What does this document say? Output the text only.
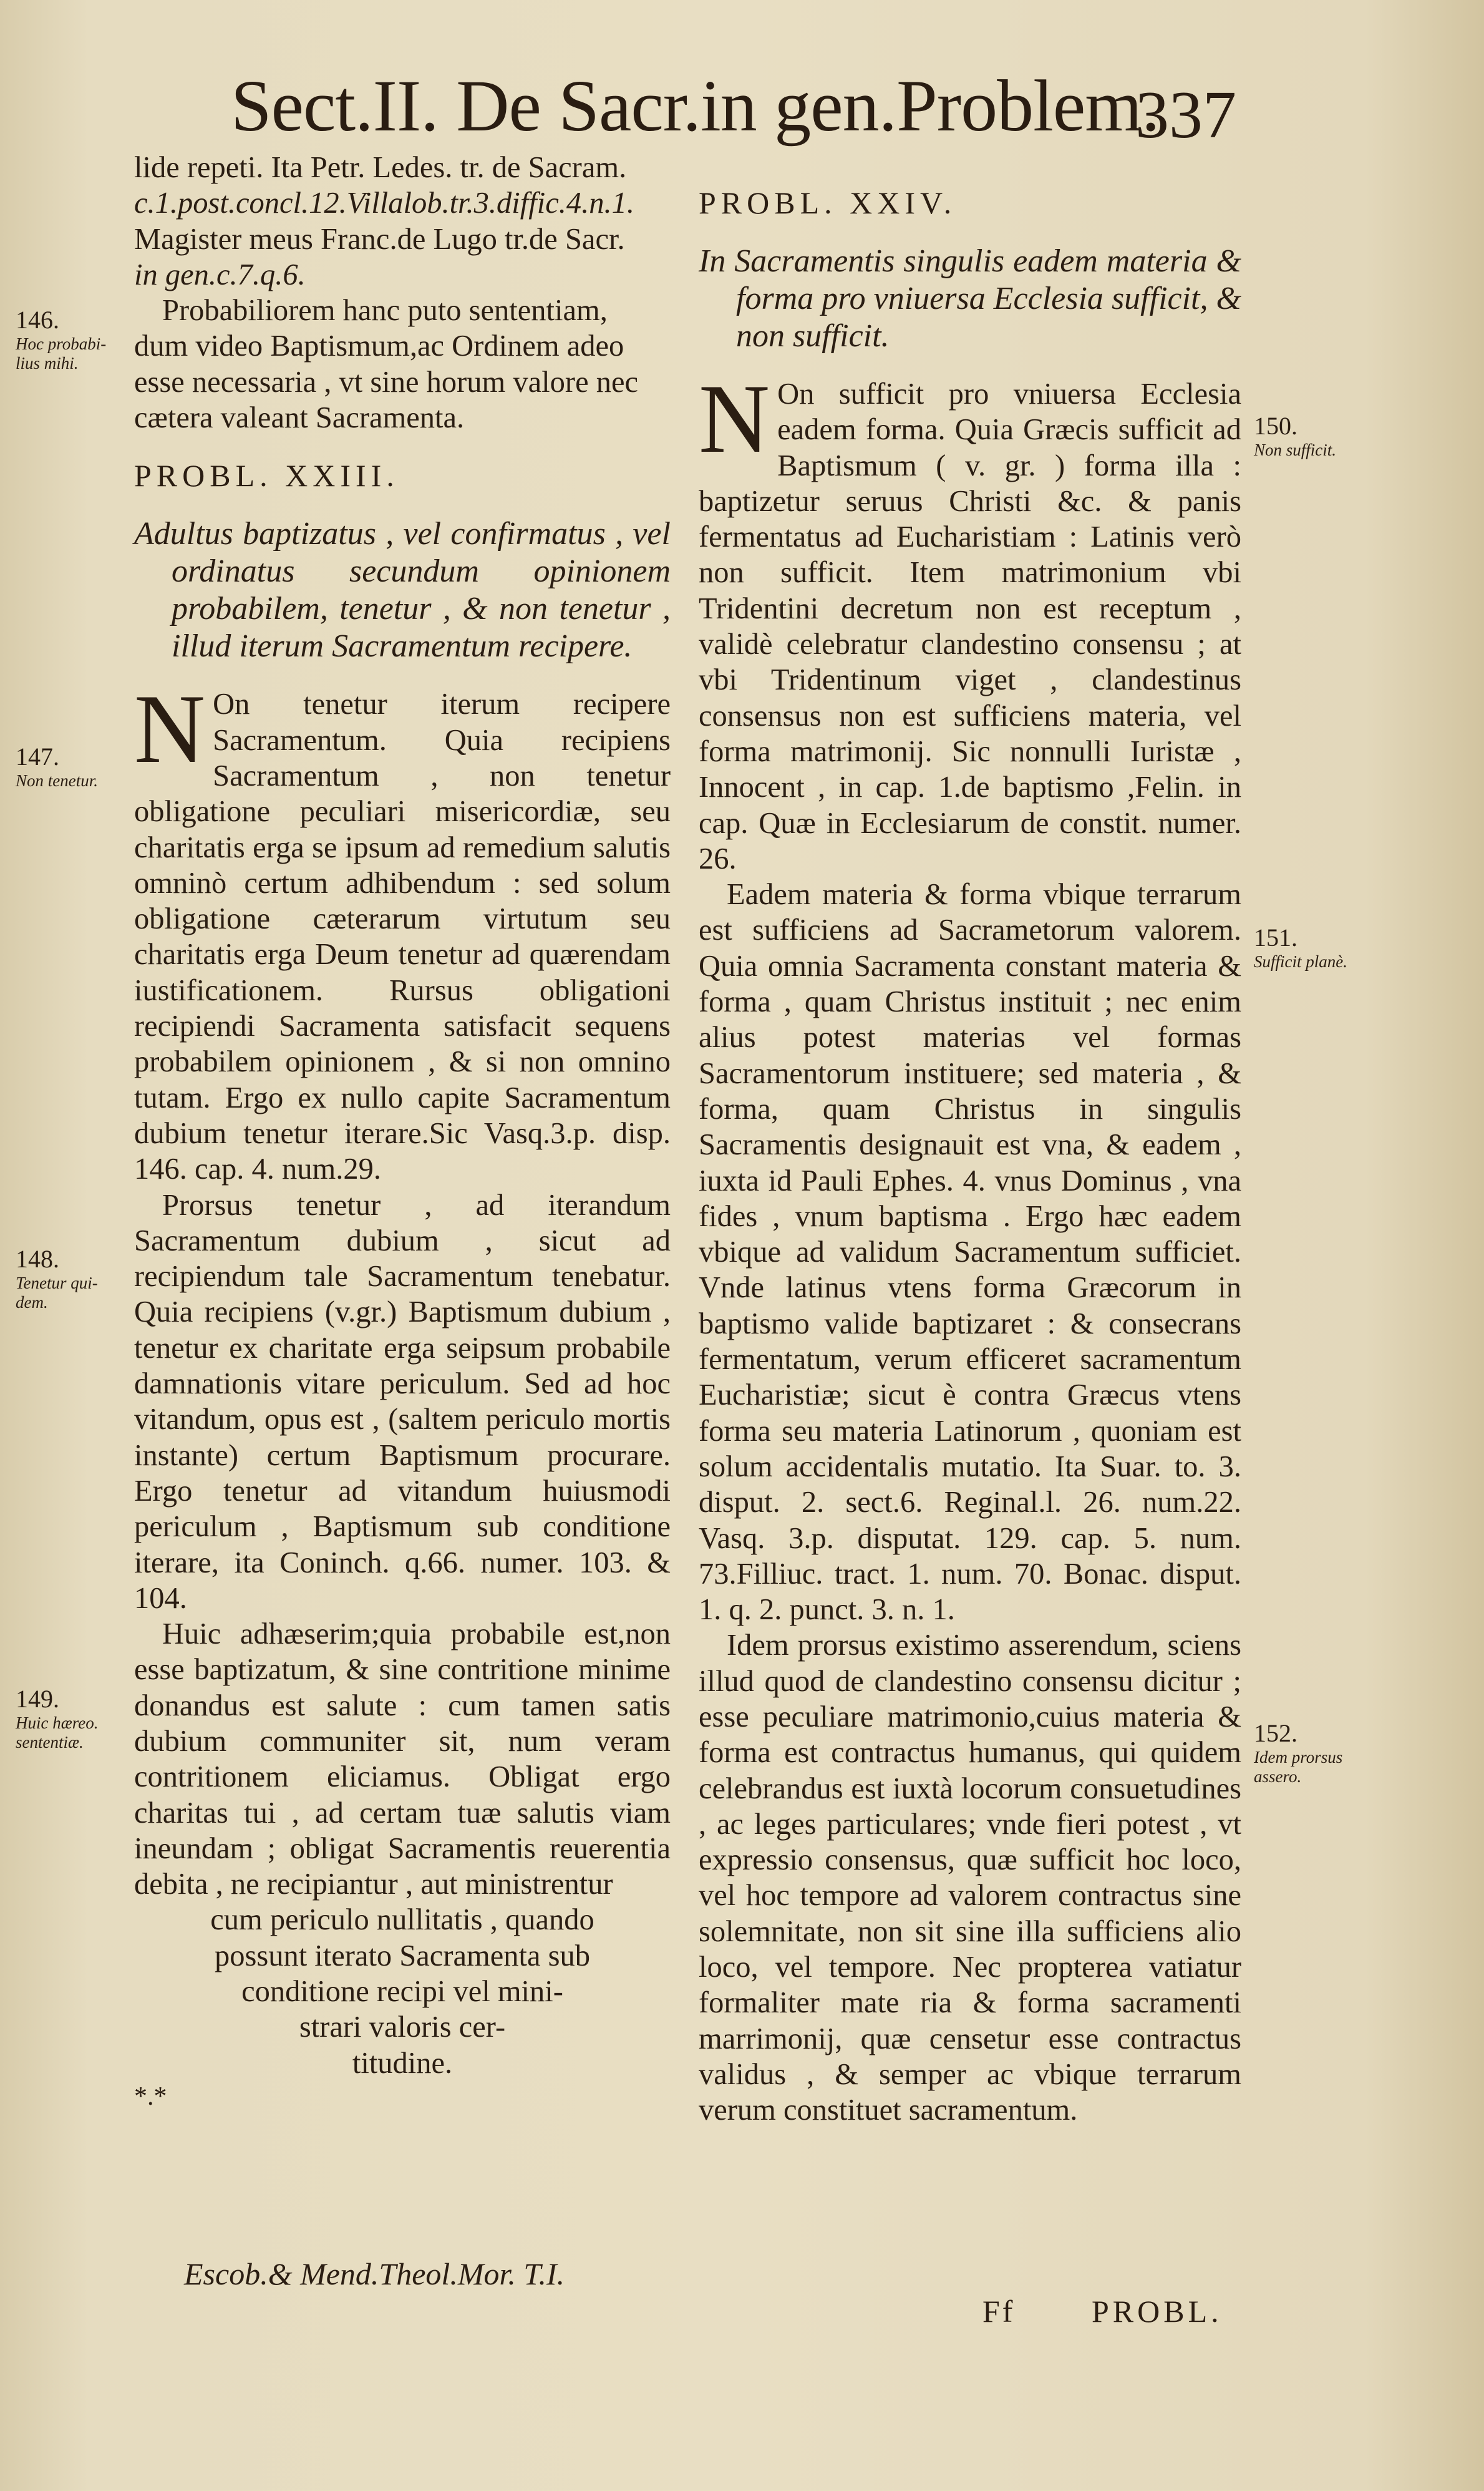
Sect.II. De Sacr.in gen.Problem.
337

lide repeti. Ita Petr. Ledes. tr. de Sacram.

c.1.post.concl.12.Villalob.tr.3.diffic.4.n.1.

Magister meus Franc.de Lugo tr.de Sacr.

in gen.c.7.q.6.

Probabiliorem hanc puto sententiam,

dum video Baptismum,ac Ordinem adeo

esse necessaria , vt sine horum valore nec

cætera valeant Sacramenta.

PROBL. XXIII.

Adultus baptizatus , vel confirmatus , vel ordinatus secundum opinionem probabilem, tenetur , & non tenetur , illud iterum Sacramentum recipere.

N On tenetur iterum recipere Sacramentum. Quia recipiens Sacramentum , non tenetur obligatione peculiari misericordiæ, seu charitatis erga se ipsum ad remedium salutis omninò certum adhibendum : sed solum obligatione cæterarum virtutum seu charitatis erga Deum tenetur ad quærendam iustificationem. Rursus obligationi recipiendi Sacramenta satisfacit sequens probabilem opinionem , & si non omnino tutam. Ergo ex nullo capite Sacramentum dubium tenetur iterare.Sic Vasq.3.p. disp. 146. cap. 4. num.29.

Prorsus tenetur , ad iterandum Sacramentum dubium , sicut ad recipiendum tale Sacramentum tenebatur. Quia recipiens (v.gr.) Baptismum dubium , tenetur ex charitate erga seipsum probabile damnationis vitare periculum. Sed ad hoc vitandum, opus est , (saltem periculo mortis instante) certum Baptismum procurare. Ergo tenetur ad vitandum huiusmodi periculum , Baptismum sub conditione iterare, ita Coninch. q.66. numer. 103. & 104.

Huic adhæserim;quia probabile est,non esse baptizatum, & sine contritione minime donandus est salute : cum tamen satis dubium communiter sit, num veram contritionem eliciamus. Obligat ergo charitas tui , ad certam tuæ salutis viam ineundam ; obligat Sacramentis reuerentia debita , ne recipiantur , aut ministrentur

cum periculo nullitatis , quando
possunt iterato Sacramenta sub
conditione recipi vel mini-
strari valoris cer-
titudine.

*.*

PROBL. XXIV.

In Sacramentis singulis eadem materia & forma pro vniuersa Ecclesia sufficit, & non sufficit.

N On sufficit pro vniuersa Ecclesia eadem forma. Quia Græcis sufficit ad Baptismum ( v. gr. ) forma illa : baptizetur seruus Christi &c. & panis fermentatus ad Eucharistiam : Latinis verò non sufficit. Item matrimonium vbi Tridentini decretum non est receptum , validè celebratur clandestino consensu ; at vbi Tridentinum viget , clandestinus consensus non est sufficiens materia, vel forma matrimonij. Sic nonnulli Iuristæ , Innocent , in cap. 1.de baptismo ,Felin. in cap. Quæ in Ecclesiarum de constit. numer. 26.

Eadem materia & forma vbique terrarum est sufficiens ad Sacrametorum valorem. Quia omnia Sacramenta constant materia & forma , quam Christus instituit ; nec enim alius potest materias vel formas Sacramentorum instituere; sed materia , & forma, quam Christus in singulis Sacramentis designauit est vna, & eadem , iuxta id Pauli Ephes. 4. vnus Dominus , vna fides , vnum baptisma . Ergo hæc eadem vbique ad validum Sacramentum sufficiet. Vnde latinus vtens forma Græcorum in baptismo valide baptizaret : & consecrans fermentatum, verum efficeret sacramentum Eucharistiæ; sicut è contra Græcus vtens forma seu materia Latinorum , quoniam est solum accidentalis mutatio. Ita Suar. to. 3. disput. 2. sect.6. Reginal.l. 26. num.22. Vasq. 3.p. disputat. 129. cap. 5. num. 73.Filliuc. tract. 1. num. 70. Bonac. disput. 1. q. 2. punct. 3. n. 1.

Idem prorsus existimo asserendum, sciens illud quod de clandestino consensu dicitur ; esse peculiare matrimonio,cuius materia & forma est contractus humanus, qui quidem celebrandus est iuxtà locorum consuetudines , ac leges particulares; vnde fieri potest , vt expressio consensus, quæ sufficit hoc loco, vel hoc tempore ad valorem contractus sine solemnitate, non sit sine illa sufficiens alio loco, vel tempore. Nec propterea vatiatur formaliter mate ria & forma sacramenti marrimonij, quæ censetur esse contractus validus , & semper ac vbique terrarum verum constituet sacramentum.

146.
Hoc probabi-lius mihi.
147.
Non tenetur.
148.
Tenetur qui-dem.
149.
Huic hæreo. sententiæ.
150.
Non sufficit.
151.
Sufficit planè.
152.
Idem prorsus assero.
Escob.& Mend.Theol.Mor. T.I.
Ff PROBL.
